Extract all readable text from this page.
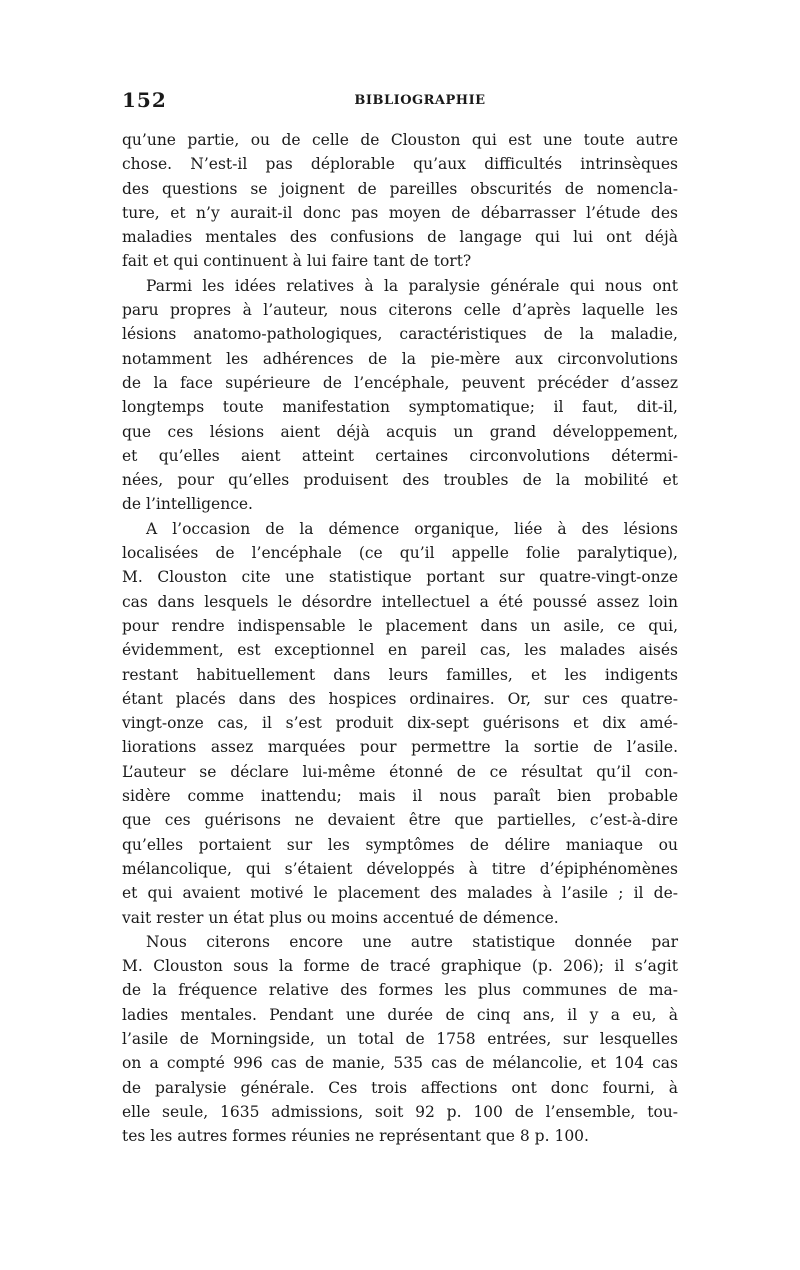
152	BIBLIOGRAPHIE

qu’une partie, ou de celle de Clouston qui est une toute autre

chose. N’est-il pas déplorable qu’aux difficultés intrinsèques

des questions se joignent de pareilles obscurités de nomencla-

ture, et n’y aurait-il donc pas moyen de débarrasser l’étude des

maladies mentales des confusions de langage qui lui ont déjà

fait et qui continuent à lui faire tant de tort?

Parmi les idées relatives à la paralysie générale qui nous ont

paru propres à l’auteur, nous citerons celle d’après laquelle les

lésions anatomo-pathologiques, caractéristiques de la maladie,

notamment les adhérences de la pie-mère aux circonvolutions

de la face supérieure de l’encéphale, peuvent précéder d’assez

longtemps toute manifestation symptomatique; il faut, dit-il,

que ces lésions aient déjà acquis un grand développement,

et qu’elles aient atteint certaines circonvolutions détermi-

nées, pour qu’elles produisent des troubles de la mobilité et

de l’intelligence.

A l’occasion de la démence organique, liée à des lésions

localisées de l’encéphale (ce qu’il appelle folie paralytique),

M. Clouston cite une statistique portant sur quatre-vingt-onze

cas dans lesquels le désordre intellectuel a été poussé assez loin

pour rendre indispensable le placement dans un asile, ce qui,

évidemment, est exceptionnel en pareil cas, les malades aisés

restant habituellement dans leurs familles, et les indigents

étant placés dans des hospices ordinaires. Or, sur ces quatre-

vingt-onze cas, il s’est produit dix-sept guérisons et dix amé-

liorations assez marquées pour permettre la sortie de l’asile.

L’auteur se déclare lui-même étonné de ce résultat qu’il con-

sidère comme inattendu; mais il nous paraît bien probable

que ces guérisons ne devaient être que partielles, c’est-à-dire

qu’elles portaient sur les symptômes de délire maniaque ou

mélancolique, qui s’étaient développés à titre d’épiphénomènes

et qui avaient motivé le placement des malades à l’asile ; il de-

vait rester un état plus ou moins accentué de démence.

Nous citerons encore une autre statistique donnée par

M. Clouston sous la forme de tracé graphique (p. 206); il s’agit

de la fréquence relative des formes les plus communes de ma-

ladies mentales. Pendant une durée de cinq ans, il y a eu, à

l’asile de Morningside, un total de 1758 entrées, sur lesquelles

on a compté 996 cas de manie, 535 cas de mélancolie, et 104 cas

de paralysie générale. Ces trois affections ont donc fourni, à

elle seule, 1635 admissions, soit 92 p. 100 de l’ensemble, tou-

tes les autres formes réunies ne représentant que 8 p. 100.
